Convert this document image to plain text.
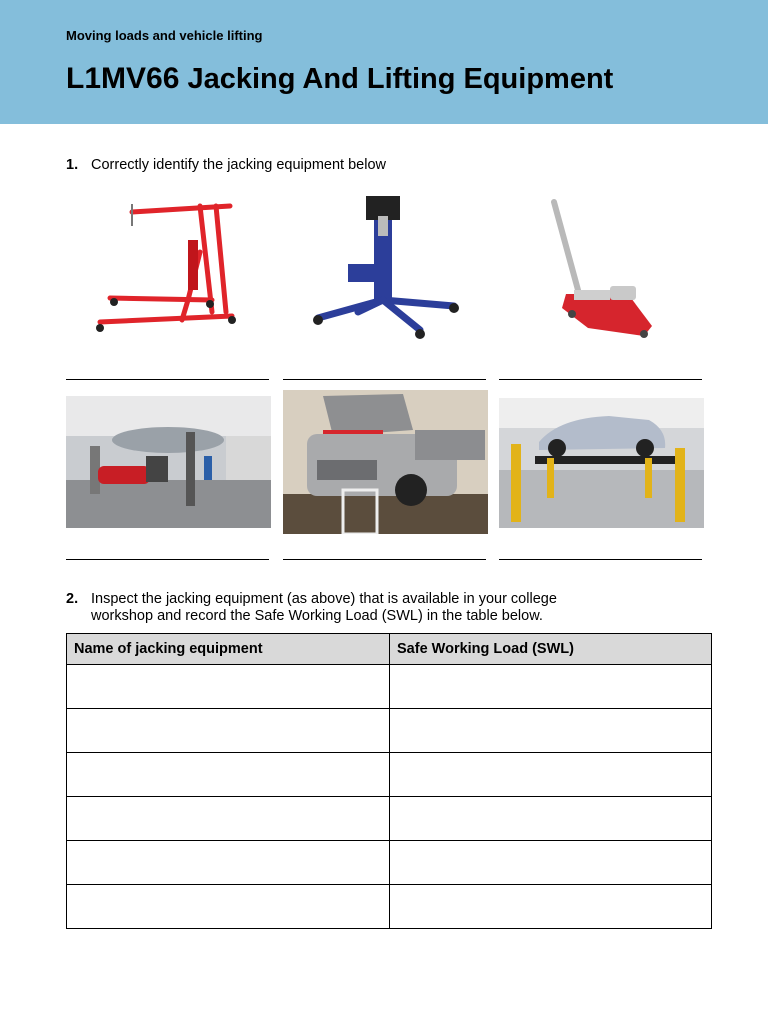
Moving loads and vehicle lifting
L1MV66 Jacking And Lifting Equipment
1. Correctly identify the jacking equipment below
2. Inspect the jacking equipment (as above) that is available in your college
workshop and record the Safe Working Load (SWL) in the table below.
Name of jacking equipment	Safe Working Load (SWL)
